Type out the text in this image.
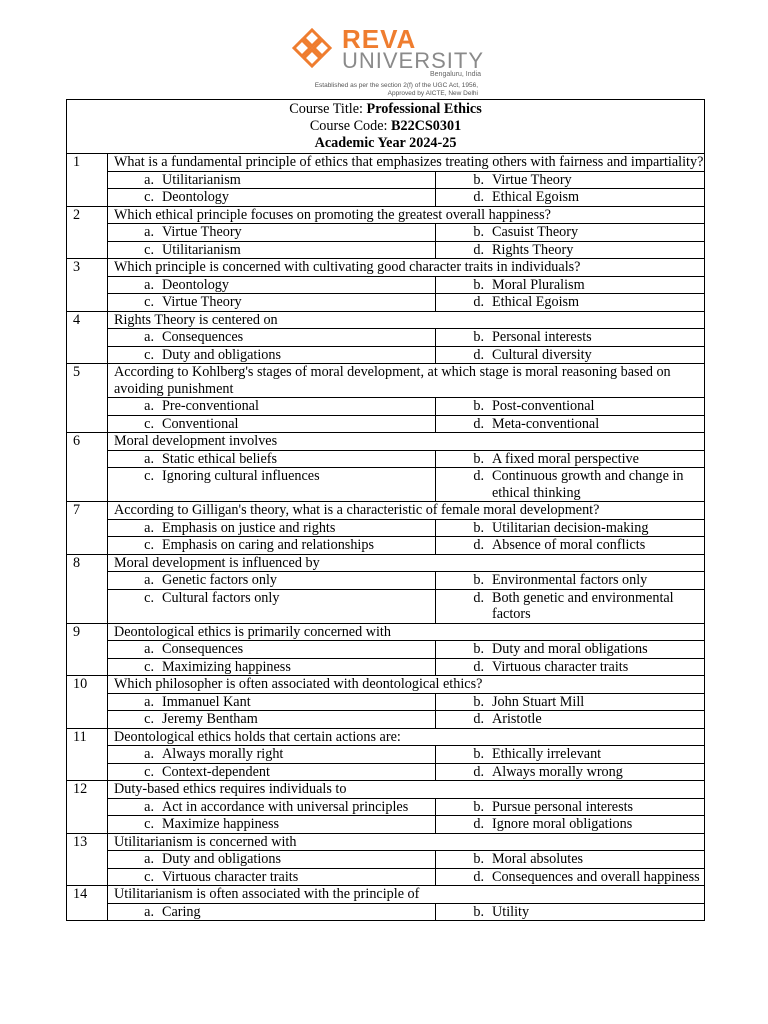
REVA
UNIVERSITY
Bengaluru, India
Established as per the section 2(f) of the UGC Act, 1956,
Approved by AICTE, New Delhi
Course Title: Professional Ethics
Course Code: B22CS0301
Academic Year 2024-25		

1	What is a fundamental principle of ethics that emphasizes treating others with fairness and impartiality?	

	a. Utilitarianism	b. Virtue Theory

	c. Deontology	d. Ethical Egoism

2	Which ethical principle focuses on promoting the greatest overall happiness?	

	a. Virtue Theory	b. Casuist Theory

	c. Utilitarianism	d. Rights Theory

3	Which principle is concerned with cultivating good character traits in individuals?	

	a. Deontology	b. Moral Pluralism

	c. Virtue Theory	d. Ethical Egoism

4	Rights Theory is centered on	

	a. Consequences	b. Personal interests

	c. Duty and obligations	d. Cultural diversity

5	According to Kohlberg's stages of moral development, at which stage is moral reasoning based on avoiding punishment	

	a. Pre-conventional	b. Post-conventional

	c. Conventional	d. Meta-conventional

6	Moral development involves	

	a. Static ethical beliefs	b. A fixed moral perspective

	c. Ignoring cultural influences	d. Continuous growth and change in ethical thinking

7	According to Gilligan's theory, what is a characteristic of female moral development?	

	a. Emphasis on justice and rights	b. Utilitarian decision-making

	c. Emphasis on caring and relationships	d. Absence of moral conflicts

8	Moral development is influenced by	

	a. Genetic factors only	b. Environmental factors only

	c. Cultural factors only	d. Both genetic and environmental factors

9	Deontological ethics is primarily concerned with	

	a. Consequences	b. Duty and moral obligations

	c. Maximizing happiness	d. Virtuous character traits

10	Which philosopher is often associated with deontological ethics?	

	a. Immanuel Kant	b. John Stuart Mill

	c. Jeremy Bentham	d. Aristotle

11	Deontological ethics holds that certain actions are:	

	a. Always morally right	b. Ethically irrelevant

	c. Context-dependent	d. Always morally wrong

12	Duty-based ethics requires individuals to	

	a. Act in accordance with universal principles	b. Pursue personal interests

	c. Maximize happiness	d. Ignore moral obligations

13	Utilitarianism is concerned with	

	a. Duty and obligations	b. Moral absolutes

	c. Virtuous character traits	d. Consequences and overall happiness

14	Utilitarianism is often associated with the principle of	

	a. Caring	b. Utility
